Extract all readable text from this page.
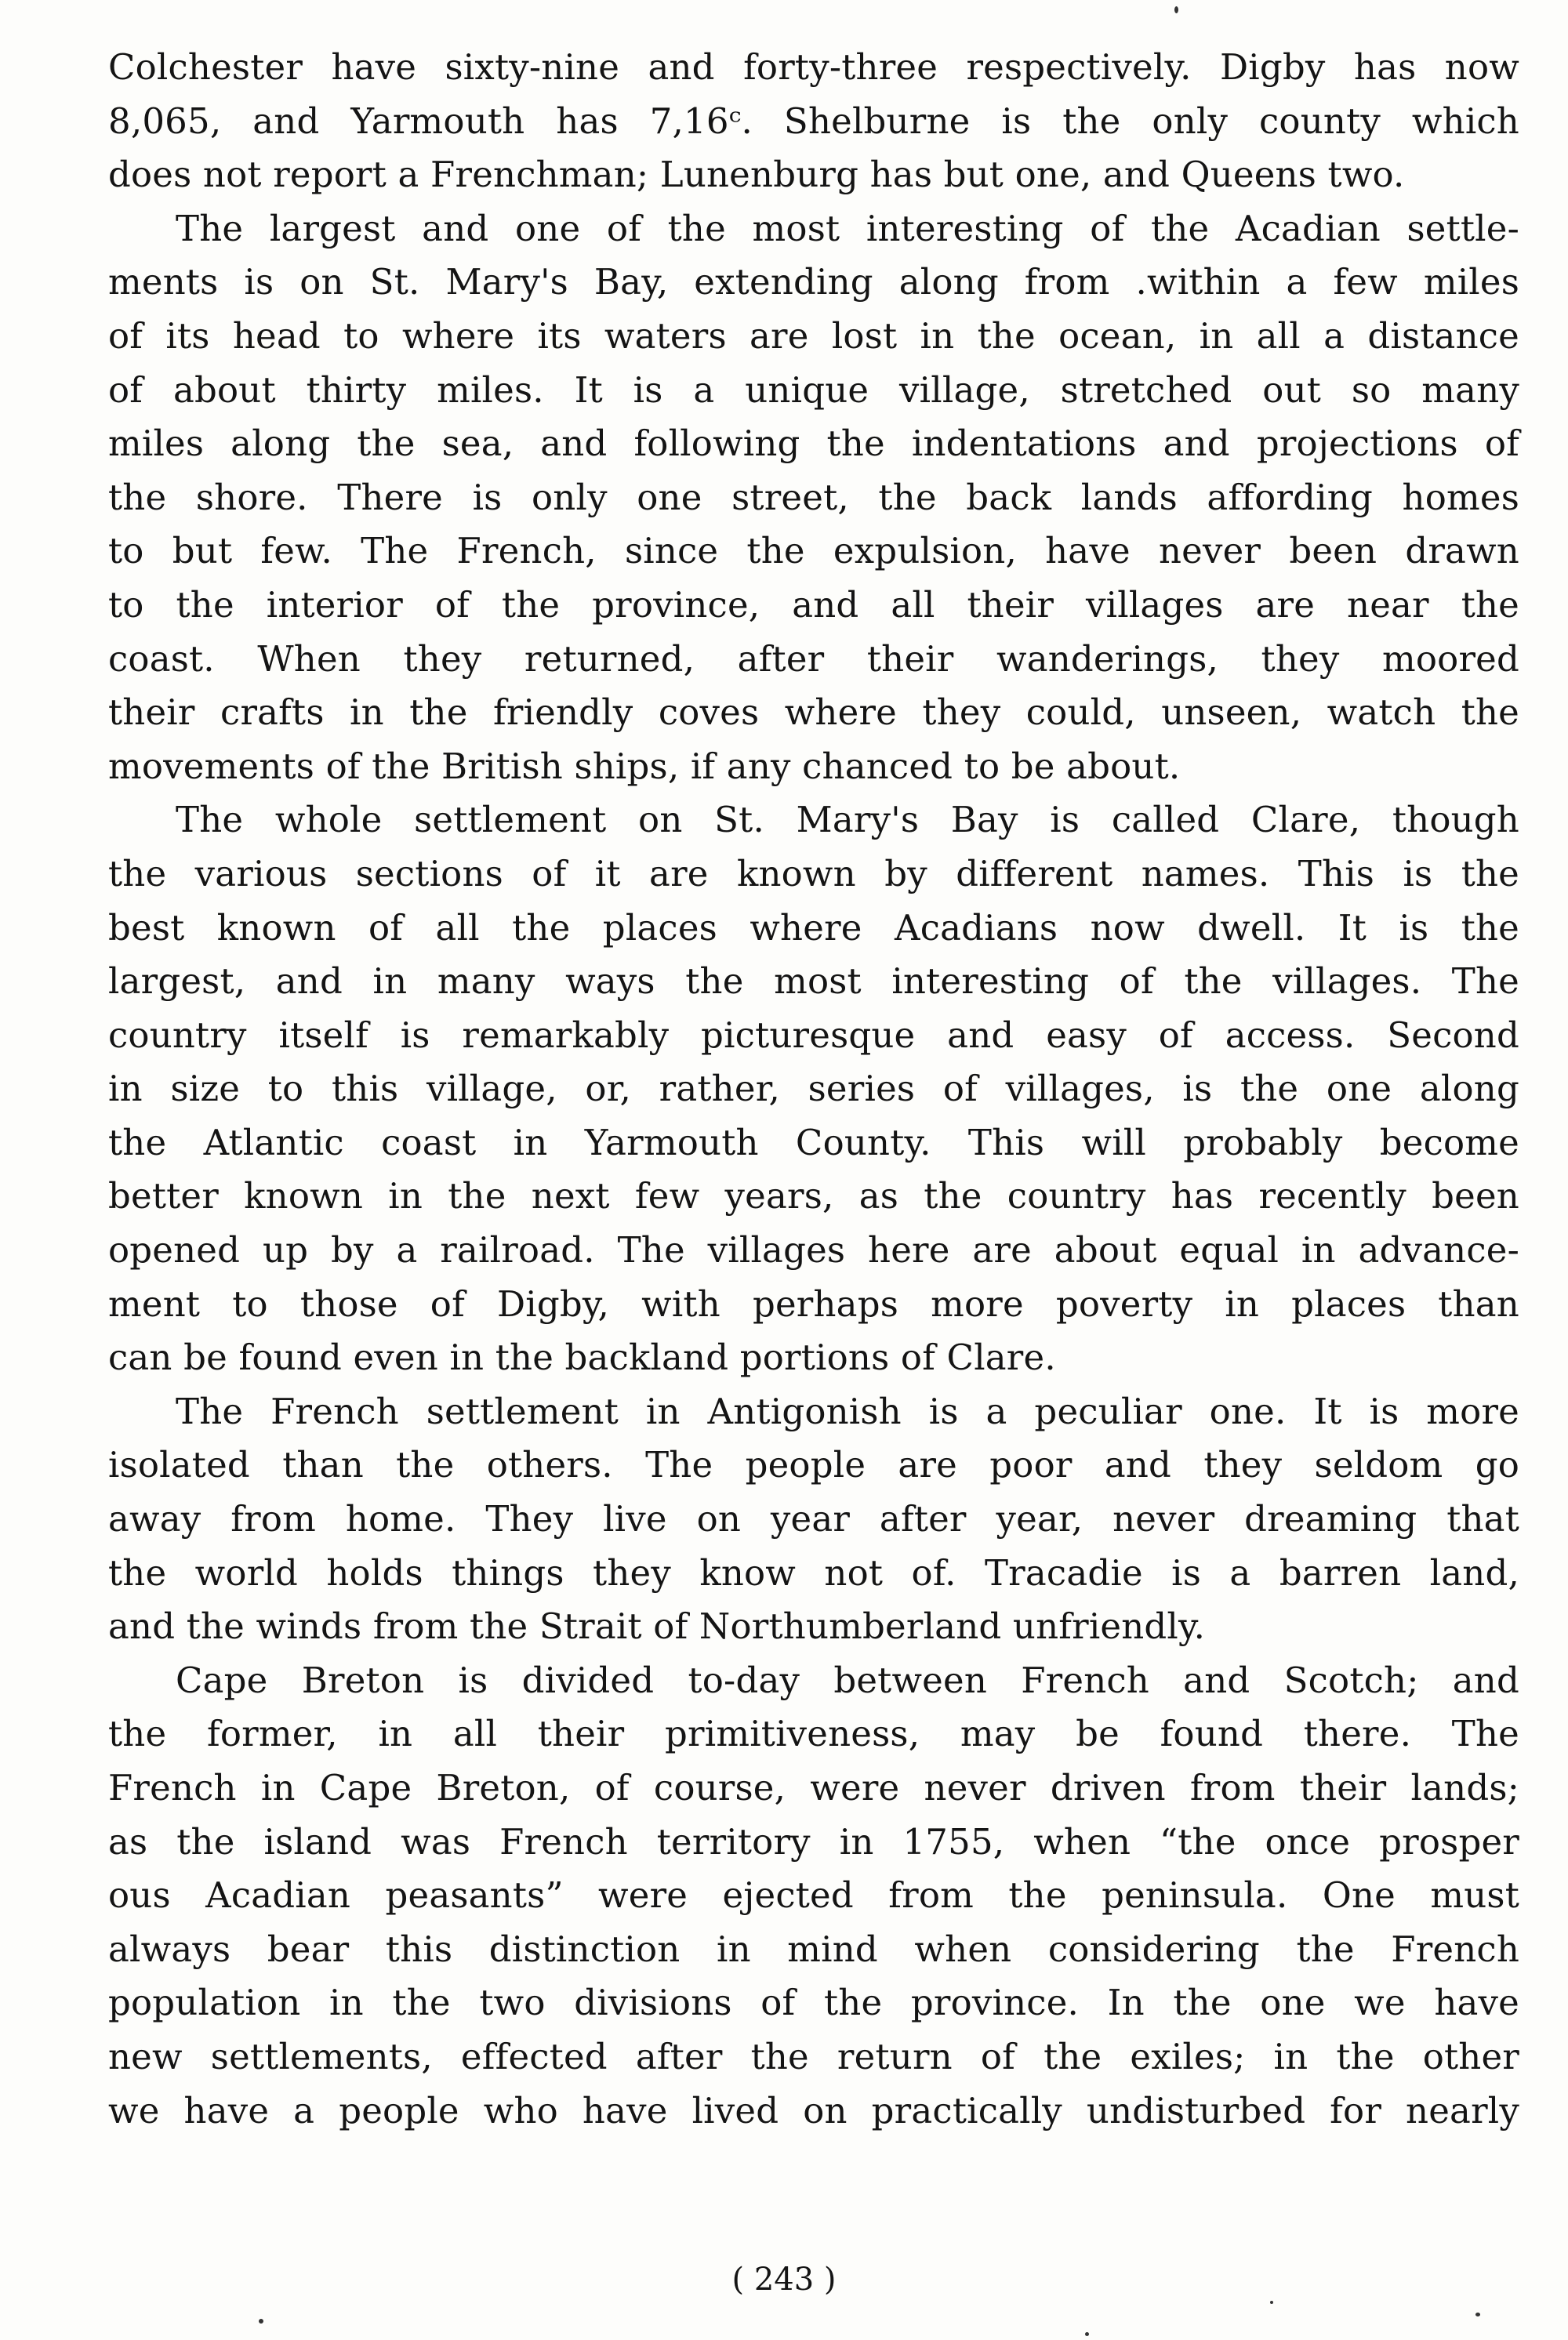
Colchester have sixty-nine and forty-three respectively. Digby has now
8,065, and Yarmouth has 7,16ᶜ. Shelburne is the only county which
does not report a Frenchman; Lunenburg has but one, and Queens two.
The largest and one of the most interesting of the Acadian settle-
ments is on St. Mary's Bay, extending along from .within a few miles
of its head to where its waters are lost in the ocean, in all a distance
of about thirty miles. It is a unique village, stretched out so many
miles along the sea, and following the indentations and projections of
the shore. There is only one street, the back lands affording homes
to but few. The French, since the expulsion, have never been drawn
to the interior of the province, and all their villages are near the
coast. When they returned, after their wanderings, they moored
their crafts in the friendly coves where they could, unseen, watch the
movements of the British ships, if any chanced to be about.
The whole settlement on St. Mary's Bay is called Clare, though
the various sections of it are known by different names. This is the
best known of all the places where Acadians now dwell. It is the
largest, and in many ways the most interesting of the villages. The
country itself is remarkably picturesque and easy of access. Second
in size to this village, or, rather, series of villages, is the one along
the Atlantic coast in Yarmouth County. This will probably become
better known in the next few years, as the country has recently been
opened up by a railroad. The villages here are about equal in advance-
ment to those of Digby, with perhaps more poverty in places than
can be found even in the backland portions of Clare.
The French settlement in Antigonish is a peculiar one. It is more
isolated than the others. The people are poor and they seldom go
away from home. They live on year after year, never dreaming that
the world holds things they know not of. Tracadie is a barren land,
and the winds from the Strait of Northumberland unfriendly.
Cape Breton is divided to-day between French and Scotch; and
the former, in all their primitiveness, may be found there. The
French in Cape Breton, of course, were never driven from their lands;
as the island was French territory in 1755, when “the once prosper
ous Acadian peasants” were ejected from the peninsula. One must
always bear this distinction in mind when considering the French
population in the two divisions of the province. In the one we have
new settlements, effected after the return of the exiles; in the other
we have a people who have lived on practically undisturbed for nearly
( 243 )
